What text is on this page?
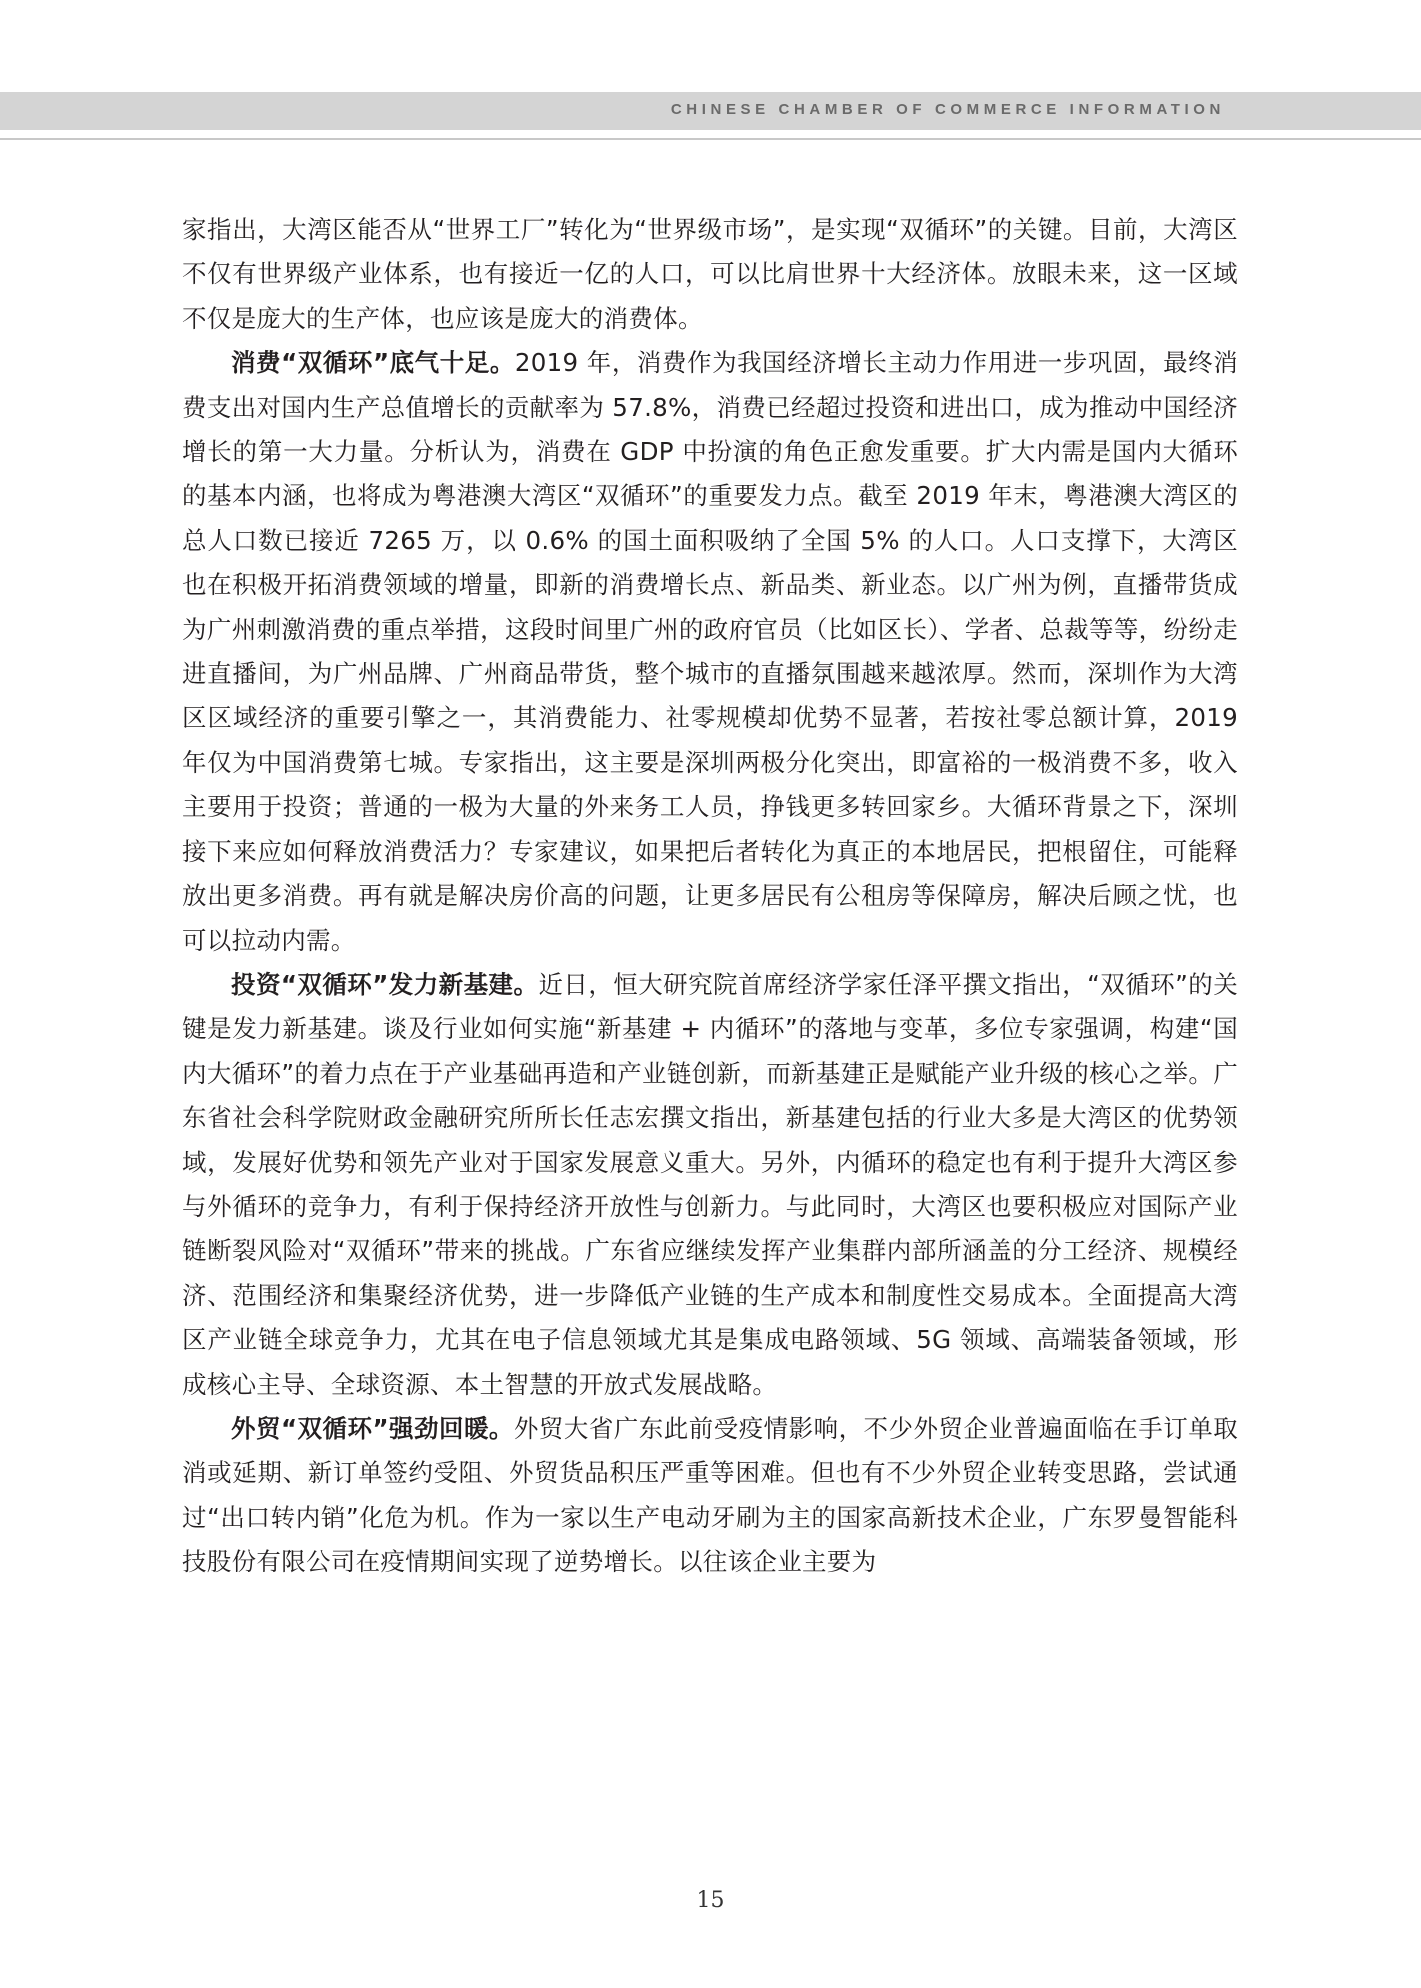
CHINESE CHAMBER OF COMMERCE INFORMATION

家指出，大湾区能否从“世界工厂”转化为“世界级市场”，是实现“双循环”的关键。目前，大湾区不仅有世界级产业体系，也有接近一亿的人口，可以比肩世界十大经济体。放眼未来，这一区域不仅是庞大的生产体，也应该是庞大的消费体。

消费“双循环”底气十足。2019 年，消费作为我国经济增长主动力作用进一步巩固，最终消费支出对国内生产总值增长的贡献率为 57.8%，消费已经超过投资和进出口，成为推动中国经济增长的第一大力量。分析认为，消费在 GDP 中扮演的角色正愈发重要。扩大内需是国内大循环的基本内涵，也将成为粤港澳大湾区“双循环”的重要发力点。截至 2019 年末，粤港澳大湾区的总人口数已接近 7265 万，以 0.6% 的国土面积吸纳了全国 5% 的人口。人口支撑下，大湾区也在积极开拓消费领域的增量，即新的消费增长点、新品类、新业态。以广州为例，直播带货成为广州刺激消费的重点举措，这段时间里广州的政府官员（比如区长）、学者、总裁等等，纷纷走进直播间，为广州品牌、广州商品带货，整个城市的直播氛围越来越浓厚。然而，深圳作为大湾区区域经济的重要引擎之一，其消费能力、社零规模却优势不显著，若按社零总额计算，2019 年仅为中国消费第七城。专家指出，这主要是深圳两极分化突出，即富裕的一极消费不多，收入主要用于投资；普通的一极为大量的外来务工人员，挣钱更多转回家乡。大循环背景之下，深圳接下来应如何释放消费活力？专家建议，如果把后者转化为真正的本地居民，把根留住，可能释放出更多消费。再有就是解决房价高的问题，让更多居民有公租房等保障房，解决后顾之忧，也可以拉动内需。

投资“双循环”发力新基建。近日，恒大研究院首席经济学家任泽平撰文指出，“双循环”的关键是发力新基建。谈及行业如何实施“新基建 + 内循环”的落地与变革，多位专家强调，构建“国内大循环”的着力点在于产业基础再造和产业链创新，而新基建正是赋能产业升级的核心之举。广东省社会科学院财政金融研究所所长任志宏撰文指出，新基建包括的行业大多是大湾区的优势领域，发展好优势和领先产业对于国家发展意义重大。另外，内循环的稳定也有利于提升大湾区参与外循环的竞争力，有利于保持经济开放性与创新力。与此同时，大湾区也要积极应对国际产业链断裂风险对“双循环”带来的挑战。广东省应继续发挥产业集群内部所涵盖的分工经济、规模经济、范围经济和集聚经济优势，进一步降低产业链的生产成本和制度性交易成本。全面提高大湾区产业链全球竞争力，尤其在电子信息领域尤其是集成电路领域、5G 领域、高端装备领域，形成核心主导、全球资源、本土智慧的开放式发展战略。

外贸“双循环”强劲回暖。外贸大省广东此前受疫情影响，不少外贸企业普遍面临在手订单取消或延期、新订单签约受阻、外贸货品积压严重等困难。但也有不少外贸企业转变思路，尝试通过“出口转内销”化危为机。作为一家以生产电动牙刷为主的国家高新技术企业，广东罗曼智能科技股份有限公司在疫情期间实现了逆势增长。以往该企业主要为

15
